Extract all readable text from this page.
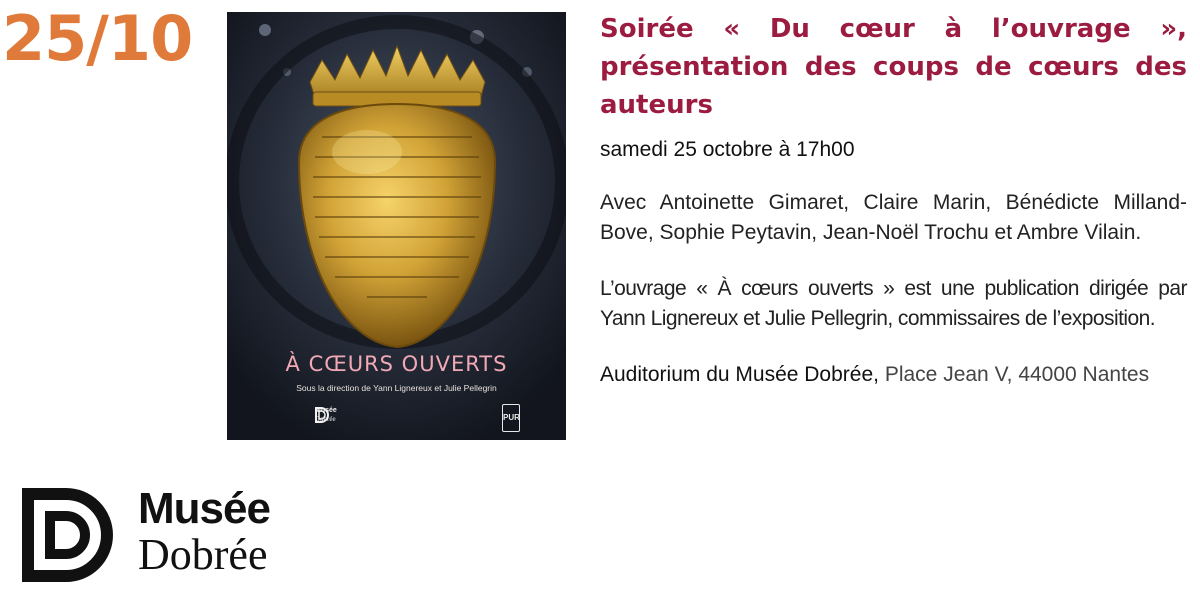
25/10
À CŒURS OUVERTS
Sous la direction de Yann Lignereux et Julie Pellegrin
Musée
Dobrée	PUR
Musée
Dobrée
Soirée « Du cœur à l’ouvrage », présentation des coups de cœurs des auteurs
samedi 25 octobre à 17h00
Avec Antoinette Gimaret, Claire Marin, Bénédicte Milland-Bove, Sophie Peytavin, Jean-Noël Trochu et Ambre Vilain.
L’ouvrage « À cœurs ouverts » est une publication dirigée par Yann Lignereux et Julie Pellegrin, commissaires de l’exposition.
Auditorium du Musée Dobrée, Place Jean V, 44000 Nantes
